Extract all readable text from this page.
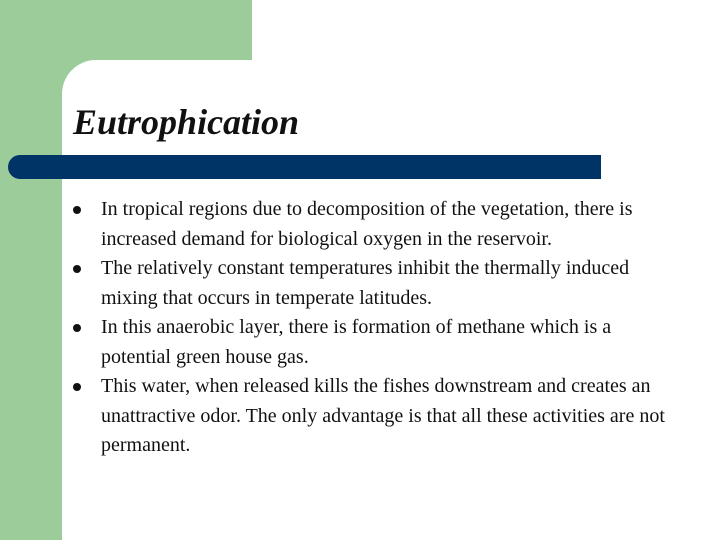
Eutrophication
In tropical regions due to decomposition of the vegetation, there is increased demand for biological oxygen in the reservoir.
The relatively constant temperatures inhibit the thermally induced mixing that occurs in temperate latitudes.
In this anaerobic layer, there is formation of methane which is a potential green house gas.
This water, when released kills the fishes downstream and creates an unattractive odor. The only advantage is that all these activities are not permanent.
